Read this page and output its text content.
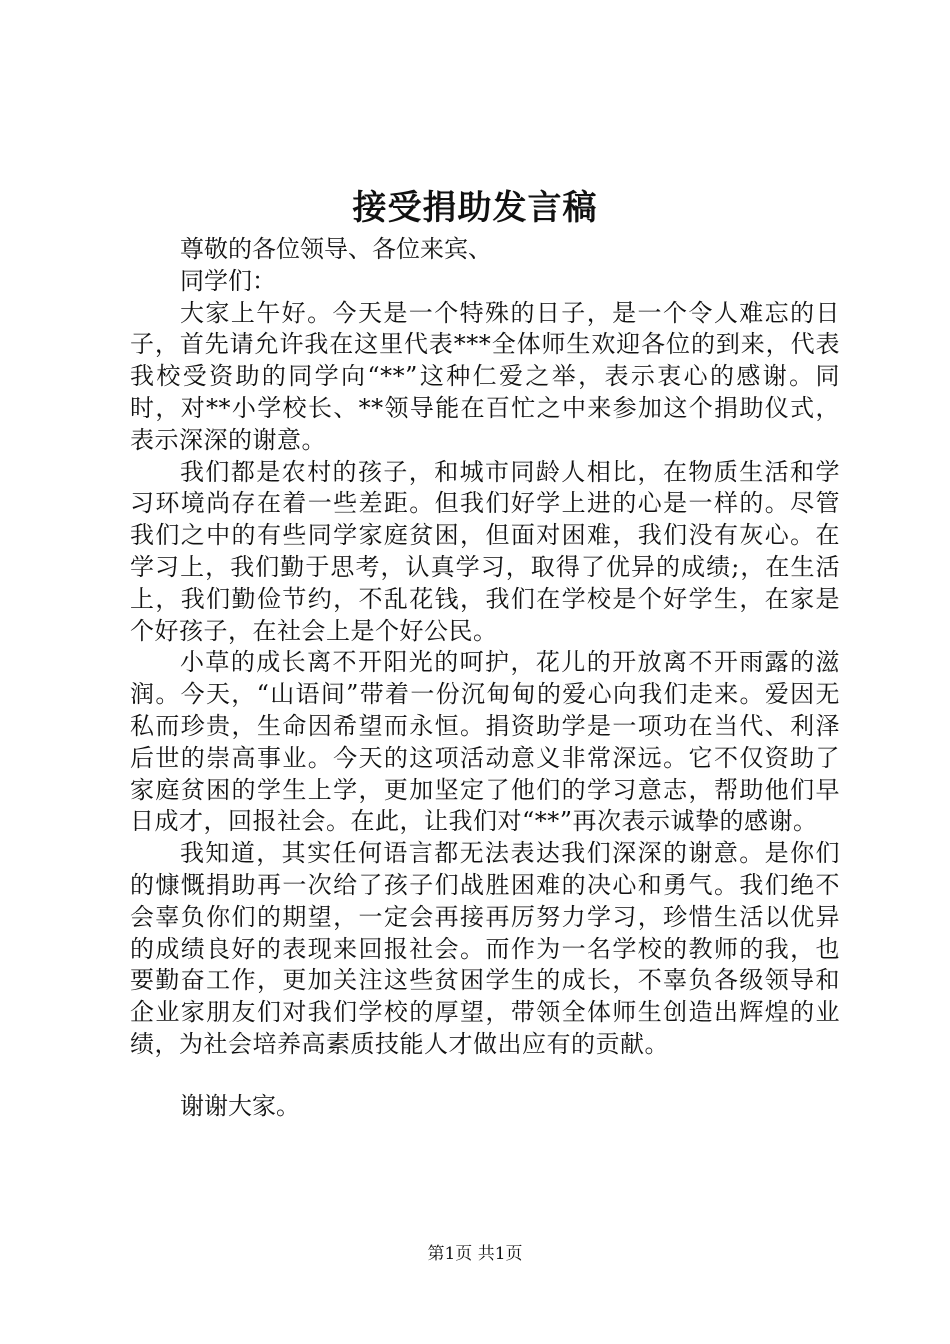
接受捐助发言稿

尊敬的各位领导、各位来宾、

同学们：

大家上午好。今天是一个特殊的日子，是一个令人难忘的日子，首先请允许我在这里代表***全体师生欢迎各位的到来，代表我校受资助的同学向“**”这种仁爱之举，表示衷心的感谢。同时，对**小学校长、**领导能在百忙之中来参加这个捐助仪式，表示深深的谢意。

我们都是农村的孩子，和城市同龄人相比，在物质生活和学习环境尚存在着一些差距。但我们好学上进的心是一样的。尽管我们之中的有些同学家庭贫困，但面对困难，我们没有灰心。在学习上，我们勤于思考，认真学习，取得了优异的成绩;，在生活上，我们勤俭节约，不乱花钱，我们在学校是个好学生，在家是个好孩子，在社会上是个好公民。

小草的成长离不开阳光的呵护，花儿的开放离不开雨露的滋润。今天，“山语间”带着一份沉甸甸的爱心向我们走来。爱因无私而珍贵，生命因希望而永恒。捐资助学是一项功在当代、利泽后世的崇高事业。今天的这项活动意义非常深远。它不仅资助了家庭贫困的学生上学，更加坚定了他们的学习意志，帮助他们早日成才，回报社会。在此，让我们对“**”再次表示诚挚的感谢。

我知道，其实任何语言都无法表达我们深深的谢意。是你们的慷慨捐助再一次给了孩子们战胜困难的决心和勇气。我们绝不会辜负你们的期望，一定会再接再厉努力学习，珍惜生活以优异的成绩良好的表现来回报社会。而作为一名学校的教师的我，也要勤奋工作，更加关注这些贫困学生的成长，不辜负各级领导和企业家朋友们对我们学校的厚望，带领全体师生创造出辉煌的业绩，为社会培养高素质技能人才做出应有的贡献。

谢谢大家。
第1页 共1页
